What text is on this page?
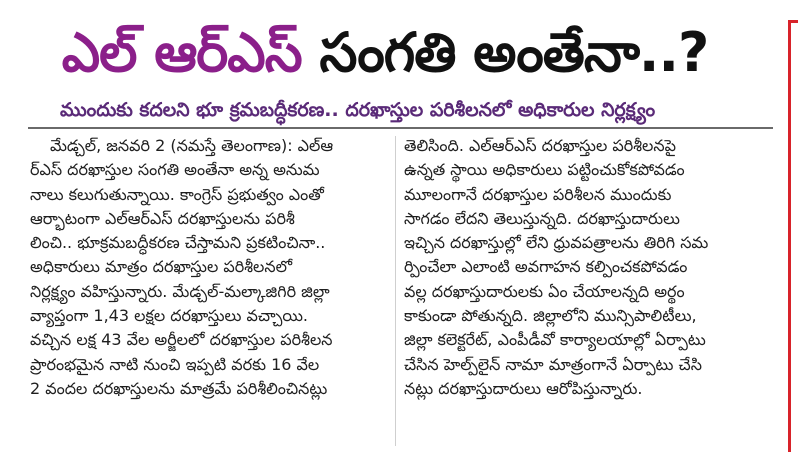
ఎల్ ఆర్‌ఎస్ సంగతి అంతేనా..?
ముందుకు కదలని భూ క్రమబద్ధీకరణ.. దరఖాస్తుల పరిశీలనలో అధికారుల నిర్లక్ష్యం
మేడ్చల్, జనవరి 2 (నమస్తే తెలంగాణ): ఎల్‌ఆ
ర్‌ఎస్ దరఖాస్తుల సంగతి అంతేనా అన్న అనుమ
నాలు కలుగుతున్నాయి. కాంగ్రెస్ ప్రభుత్వం ఎంతో
ఆర్భాటంగా ఎల్‌ఆర్‌ఎస్ దరఖాస్తులను పరిశీ
లించి.. భూక్రమబద్ధీకరణ చేస్తామని ప్రకటించినా..
అధికారులు మాత్రం దరఖాస్తుల పరిశీలనలో
నిర్లక్ష్యం వహిస్తున్నారు. మేడ్చల్-మల్కాజిగిరి జిల్లా
వ్యాప్తంగా 1,43 లక్షల దరఖాస్తులు వచ్చాయి.
వచ్చిన లక్ష 43 వేల అర్జీలలో దరఖాస్తుల పరిశీలన
ప్రారంభమైన నాటి నుంచి ఇప్పటి వరకు 16 వేల
2 వందల దరఖాస్తులను మాత్రమే పరిశీలించినట్లు
తెలిసింది. ఎల్‌ఆర్‌ఎస్ దరఖాస్తుల పరిశీలనపై
ఉన్నత స్థాయి అధికారులు పట్టించుకోకపోవడం
మూలంగానే దరఖాస్తుల పరిశీలన ముందుకు
సాగడం లేదని తెలుస్తున్నది. దరఖాస్తుదారులు
ఇచ్చిన దరఖాస్తుల్లో లేని ధ్రువపత్రాలను తిరిగి సమ
ర్పించేలా ఎలాంటి అవగాహన కల్పించకపోవడం
వల్ల దరఖాస్తుదారులకు ఏం చేయాలన్నది అర్థం
కాకుండా పోతున్నది. జిల్లాలోని మున్సిపాలిటీలు,
జిల్లా కలెక్టరేట్, ఎంపీడీవో కార్యాలయాల్లో ఏర్పాటు
చేసిన హెల్ప్‌లైన్ నామా మాత్రంగానే ఏర్పాటు చేసి
నట్లు దరఖాస్తుదారులు ఆరోపిస్తున్నారు.
